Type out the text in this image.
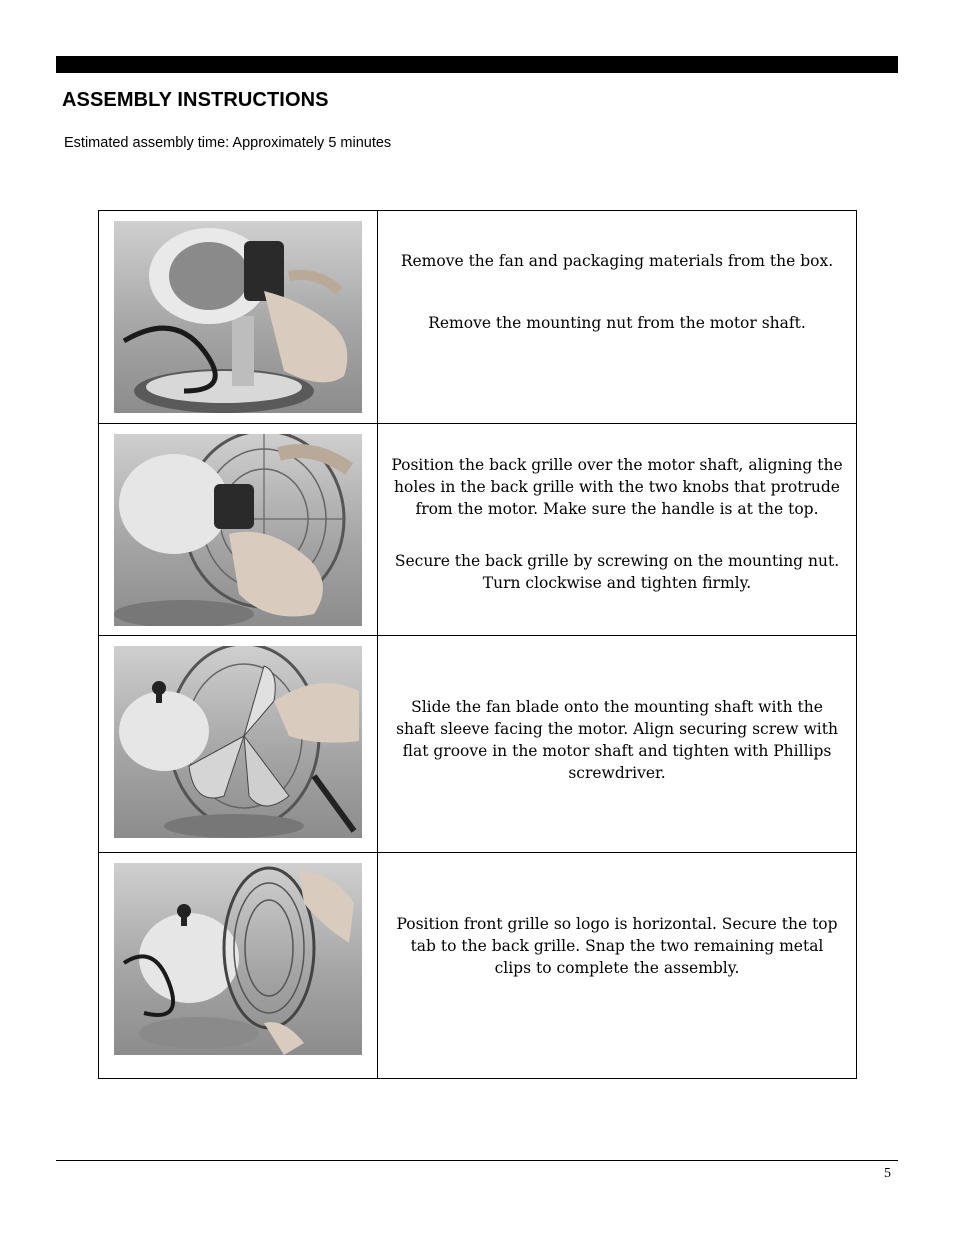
ASSEMBLY INSTRUCTIONS

Estimated assembly time: Approximately 5 minutes

Remove the fan and packaging materials from the box.

Remove the mounting nut from the motor shaft.

Position the back grille over the motor shaft, aligning the holes in the back grille with the two knobs that protrude from the motor. Make sure the handle is at the top.

Secure the back grille by screwing on the mounting nut. Turn clockwise and tighten firmly.

Slide the fan blade onto the mounting shaft with the shaft sleeve facing the motor. Align securing screw with flat groove in the motor shaft and tighten with Phillips screwdriver.

Position front grille so logo is horizontal. Secure the top tab to the back grille. Snap the two remaining metal clips to complete the assembly.

5
